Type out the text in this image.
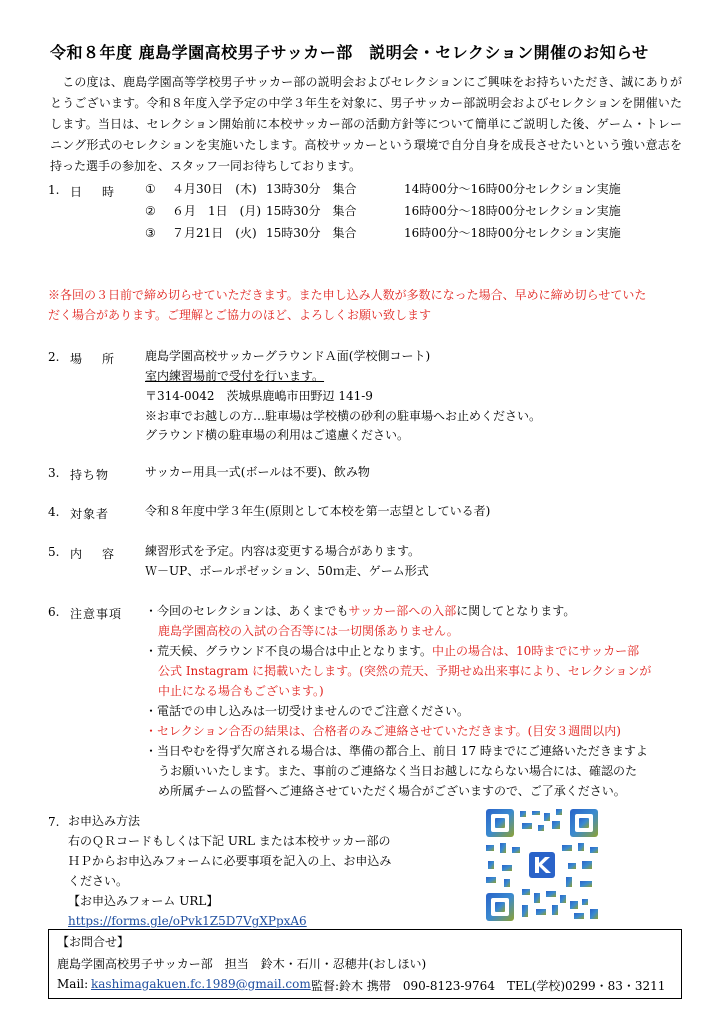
令和８年度 鹿島学園高校男子サッカー部　説明会・セレクション開催のお知らせ
　この度は、鹿島学園高等学校男子サッカー部の説明会およびセレクションにご興味をお持ちいただき、誠にありがとうございます。令和８年度入学予定の中学３年生を対象に、男子サッカー部説明会およびセレクションを開催いたします。当日は、セレクション開始前に本校サッカー部の活動方針等について簡単にご説明した後、ゲーム・トレーニング形式のセレクションを実施いたします。高校サッカーという環境で自分自身を成長させたいという強い意志を持った選手の参加を、スタッフ一同お待ちしております。
1. 日　時 ① ４月30日　(木) 13時30分　集合	14時00分～16時00分セレクション実施
② ６月　1日　(月) 15時30分　集合	16時00分～18時00分セレクション実施
③ ７月21日　(火) 15時30分　集合	16時00分～18時00分セレクション実施
※各回の３日前で締め切らせていただきます。また申し込み人数が多数になった場合、早めに締め切らせていた
だく場合があります。ご理解とご協力のほど、よろしくお願い致します
2. 場　所 鹿島学園高校サッカーグラウンドＡ面(学校側コート)
室内練習場前で受付を行います。
〒314-0042　茨城県鹿嶋市田野辺 141-9
※お車でお越しの方…駐車場は学校横の砂利の駐車場へお止めください。
グラウンド横の駐車場の利用はご遠慮ください。
3. 持ち物	サッカー用具一式(ボールは不要)、飲み物
4. 対象者	令和８年度中学３年生(原則として本校を第一志望としている者)
5. 内　容 練習形式を予定。内容は変更する場合があります。
Ｗ－UP、ボールポゼッション、50ｍ走、ゲーム形式
6. 注意事項 ・今回のセレクションは、あくまでもサッカー部への入部に関してとなります。
鹿島学園高校の入試の合否等には一切関係ありません。
・荒天候、グラウンド不良の場合は中止となります。中止の場合は、10時までにサッカー部
公式 Instagram に掲載いたします。(突然の荒天、予期せぬ出来事により、セレクションが
中止になる場合もございます。)
・電話での申し込みは一切受けませんのでご注意ください。
・セレクション合否の結果は、合格者のみご連絡させていただきます。(目安３週間以内)
・当日やむを得ず欠席される場合は、準備の都合上、前日 17 時までにご連絡いただきますよ
うお願いいたします。また、事前のご連絡なく当日お越しにならない場合には、確認のた
め所属チームの監督へご連絡させていただく場合がございますので、ご了承ください。
7. お申込み方法
右のＱＲコードもしくは下記 URL または本校サッカー部の
ＨＰからお申込みフォームに必要事項を記入の上、お申込み
ください。
【お申込みフォーム URL】
https://forms.gle/oPvk1Z5D7VgXPpxA6
【お問合せ】
鹿島学園高校男子サッカー部　担当　鈴木・石川・忍穂井(おしほい)
Mail: kashimagakuen.fc.1989@gmail.com 監督:鈴木 携帯　090-8123-9764　TEL(学校)0299・83・3211
